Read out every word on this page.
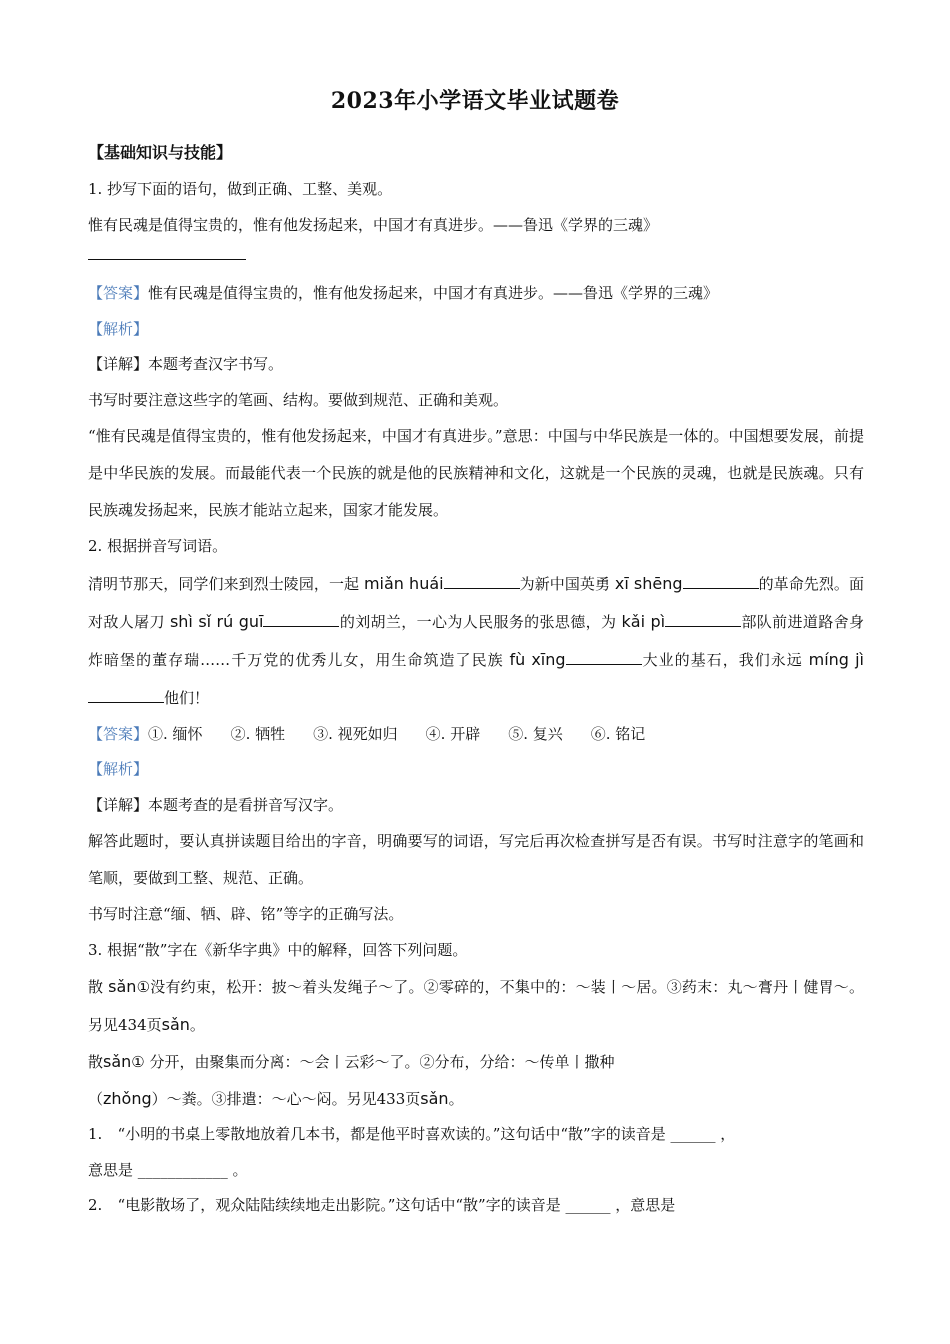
2023年小学语文毕业试题卷
【基础知识与技能】
1. 抄写下面的语句，做到正确、工整、美观。
惟有民魂是值得宝贵的，惟有他发扬起来，中国才有真进步。——鲁迅《学界的三魂》
【答案】惟有民魂是值得宝贵的，惟有他发扬起来，中国才有真进步。——鲁迅《学界的三魂》
【解析】
【详解】本题考查汉字书写。
书写时要注意这些字的笔画、结构。要做到规范、正确和美观。
“惟有民魂是值得宝贵的，惟有他发扬起来，中国才有真进步。”意思：中国与中华民族是一体的。中国想要发展，前提是中华民族的发展。而最能代表一个民族的就是他的民族精神和文化，这就是一个民族的灵魂，也就是民族魂。只有民族魂发扬起来，民族才能站立起来，国家才能发展。
2. 根据拼音写词语。
清明节那天，同学们来到烈士陵园，一起 miǎn huái	为新中国英勇 xī shēng	的革命先烈。面对敌人屠刀 shì sǐ rú guī	的刘胡兰，一心为人民服务的张思德，为 kǎi pì	部队前进道路舍身炸暗堡的董存瑞……千万党的优秀儿女，用生命筑造了民族 fù xīng	大业的基石，我们永远 míng jì他们！
【答案】①. 缅怀 ②. 牺牲 ③. 视死如归 ④. 开辟 ⑤. 复兴 ⑥. 铭记
【解析】
【详解】本题考查的是看拼音写汉字。
解答此题时，要认真拼读题目给出的字音，明确要写的词语，写完后再次检查拼写是否有误。书写时注意字的笔画和笔顺，要做到工整、规范、正确。
书写时注意“缅、牺、辟、铭”等字的正确写法。
3. 根据“散”字在《新华字典》中的解释，回答下列问题。
散 sǎn①没有约束，松开：披～着头发绳子～了。②零碎的，不集中的：～装丨～居。③药末：丸～膏丹丨健胃～。另见434页sǎn。
散sǎn① 分开，由聚集而分离：～会丨云彩～了。②分布，分给：～传单丨撒种
（zhǒng）～粪。③排遣：～心～闷。另见433页sǎn。
1. “小明的书桌上零散地放着几本书，都是他平时喜欢读的。”这句话中“散”字的读音是 ______ ，
意思是 ____________ 。
2. “电影散场了，观众陆陆续续地走出影院。”这句话中“散”字的读音是 ______ ，意思是
